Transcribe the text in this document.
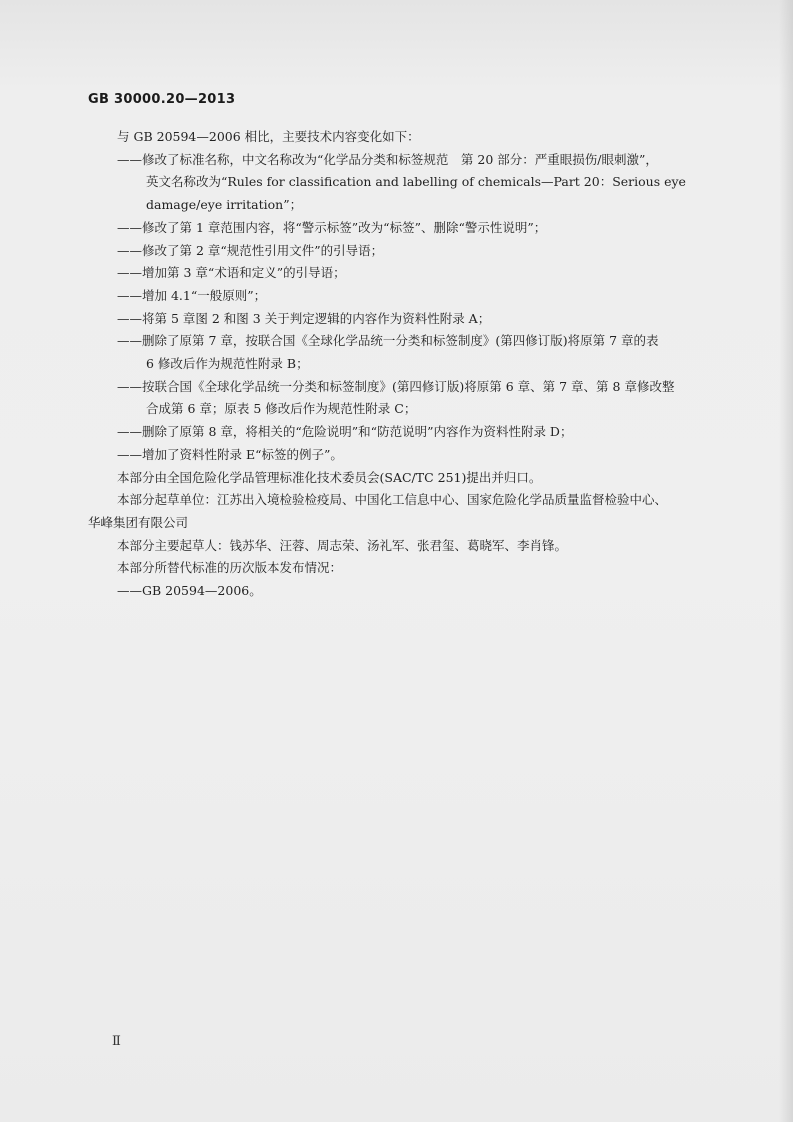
GB 30000.20—2013

与 GB 20594—2006 相比，主要技术内容变化如下：

——修改了标准名称，中文名称改为“化学品分类和标签规范　第 20 部分：严重眼损伤/眼刺激”，

英文名称改为“Rules for classification and labelling of chemicals—Part 20：Serious eye

damage/eye irritation”；

——修改了第 1 章范围内容，将“警示标签”改为“标签”、删除“警示性说明”；

——修改了第 2 章“规范性引用文件”的引导语；

——增加第 3 章“术语和定义”的引导语；

——增加 4.1“一般原则”；

——将第 5 章图 2 和图 3 关于判定逻辑的内容作为资料性附录 A；

——删除了原第 7 章，按联合国《全球化学品统一分类和标签制度》(第四修订版)将原第 7 章的表

6 修改后作为规范性附录 B；

——按联合国《全球化学品统一分类和标签制度》(第四修订版)将原第 6 章、第 7 章、第 8 章修改整

合成第 6 章；原表 5 修改后作为规范性附录 C；

——删除了原第 8 章，将相关的“危险说明”和“防范说明”内容作为资料性附录 D；

——增加了资料性附录 E“标签的例子”。

本部分由全国危险化学品管理标准化技术委员会(SAC/TC 251)提出并归口。

本部分起草单位：江苏出入境检验检疫局、中国化工信息中心、国家危险化学品质量监督检验中心、

华峰集团有限公司

本部分主要起草人：钱苏华、汪蓉、周志荣、汤礼军、张君玺、葛晓军、李肖锋。

本部分所替代标准的历次版本发布情况：

——GB 20594—2006。

Ⅱ
